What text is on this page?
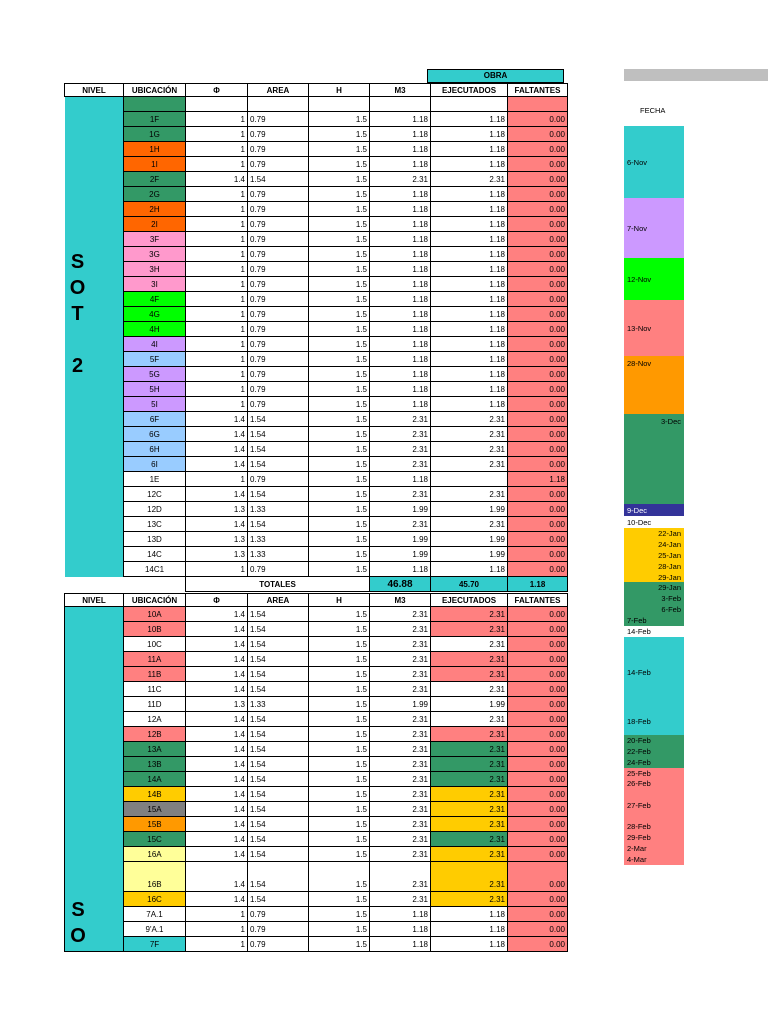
OBRA
FECHA
NIVEL	UBICACIÓN	Φ	AREA	H	M3	EJECUTADOS	FALTANTES

S
O
T

2							

	1F	1	0.79	1.5	1.18	1.18	0.00
	1G	1	0.79	1.5	1.18	1.18	0.00
	1H	1	0.79	1.5	1.18	1.18	0.00
	1I	1	0.79	1.5	1.18	1.18	0.00
	2F	1.4	1.54	1.5	2.31	2.31	0.00
	2G	1	0.79	1.5	1.18	1.18	0.00
	2H	1	0.79	1.5	1.18	1.18	0.00
	2I	1	0.79	1.5	1.18	1.18	0.00
	3F	1	0.79	1.5	1.18	1.18	0.00
	3G	1	0.79	1.5	1.18	1.18	0.00
	3H	1	0.79	1.5	1.18	1.18	0.00
	3I	1	0.79	1.5	1.18	1.18	0.00
	4F	1	0.79	1.5	1.18	1.18	0.00
	4G	1	0.79	1.5	1.18	1.18	0.00
	4H	1	0.79	1.5	1.18	1.18	0.00
	4I	1	0.79	1.5	1.18	1.18	0.00
	5F	1	0.79	1.5	1.18	1.18	0.00
	5G	1	0.79	1.5	1.18	1.18	0.00
	5H	1	0.79	1.5	1.18	1.18	0.00
	5I	1	0.79	1.5	1.18	1.18	0.00
	6F	1.4	1.54	1.5	2.31	2.31	0.00
	6G	1.4	1.54	1.5	2.31	2.31	0.00
	6H	1.4	1.54	1.5	2.31	2.31	0.00
	6I	1.4	1.54	1.5	2.31	2.31	0.00
	1E	1	0.79	1.5	1.18		1.18
	12C	1.4	1.54	1.5	2.31	2.31	0.00
	12D	1.3	1.33	1.5	1.99	1.99	0.00
	13C	1.4	1.54	1.5	2.31	2.31	0.00
	13D	1.3	1.33	1.5	1.99	1.99	0.00
	14C	1.3	1.33	1.5	1.99	1.99	0.00
	14C1	1	0.79	1.5	1.18	1.18	0.00
		TOTALES			46.88	45.70	1.18
NIVEL	UBICACIÓN	Φ	AREA	H	M3	EJECUTADOS	FALTANTES

S
O	10A	1.4	1.54	1.5	2.31	2.31	0.00
	10B	1.4	1.54	1.5	2.31	2.31	0.00
	10C	1.4	1.54	1.5	2.31	2.31	0.00
	11A	1.4	1.54	1.5	2.31	2.31	0.00
	11B	1.4	1.54	1.5	2.31	2.31	0.00
	11C	1.4	1.54	1.5	2.31	2.31	0.00
	11D	1.3	1.33	1.5	1.99	1.99	0.00
	12A	1.4	1.54	1.5	2.31	2.31	0.00
	12B	1.4	1.54	1.5	2.31	2.31	0.00
	13A	1.4	1.54	1.5	2.31	2.31	0.00
	13B	1.4	1.54	1.5	2.31	2.31	0.00
	14A	1.4	1.54	1.5	2.31	2.31	0.00
	14B	1.4	1.54	1.5	2.31	2.31	0.00
	15A	1.4	1.54	1.5	2.31	2.31	0.00
	15B	1.4	1.54	1.5	2.31	2.31	0.00
	15C	1.4	1.54	1.5	2.31	2.31	0.00
	16A	1.4	1.54	1.5	2.31	2.31	0.00
	16B	1.4	1.54	1.5	2.31	2.31	0.00
	16C	1.4	1.54	1.5	2.31	2.31	0.00
	7A.1	1	0.79	1.5	1.18	1.18	0.00
	9'A.1	1	0.79	1.5	1.18	1.18	0.00
	7F	1	0.79	1.5	1.18	1.18	0.00
6-Nov
7-Nov
12-Nov
13-Nov
28-Nov
3-Dec
9-Dec
10-Dec
22-Jan
24-Jan
25-Jan
28-Jan
29-Jan
29-Jan
3-Feb
6-Feb
7-Feb
14-Feb
14-Feb
18-Feb
20-Feb
22-Feb
24-Feb
25-Feb
26-Feb
27-Feb
28-Feb
29-Feb
2-Mar
4-Mar
